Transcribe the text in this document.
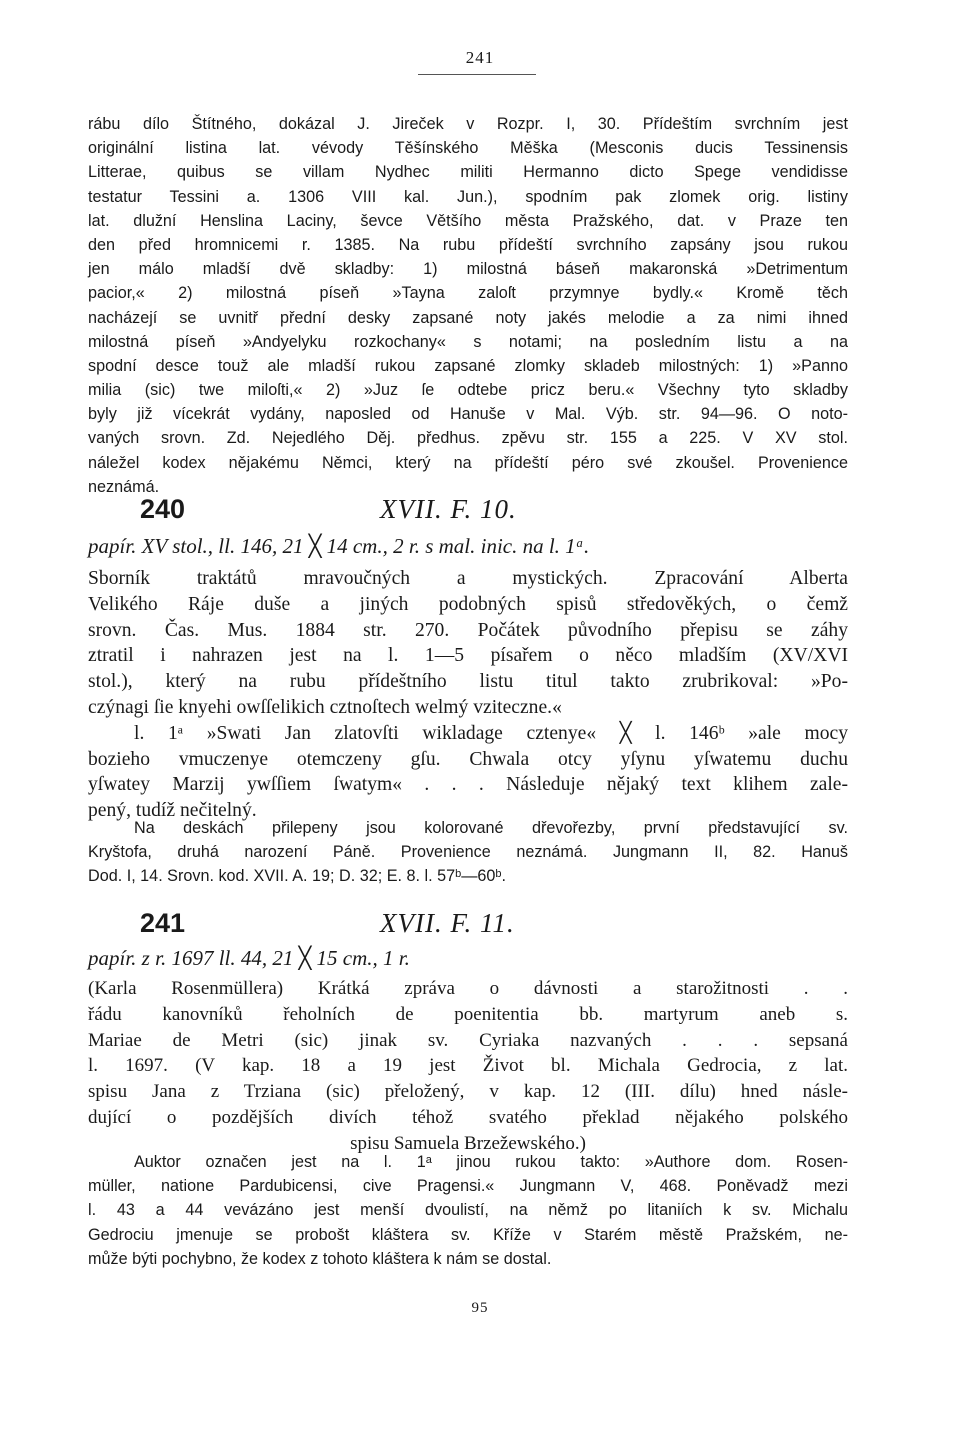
241
rábu dílo Štítného, dokázal J. Jireček v Rozpr. I, 30. Přídeštím svrchním jest
originální listina lat. vévody Těšínského Měška (Mesconis ducis Tessinensis
Litterae, quibus se villam Nydhec militi Hermanno dicto Spege vendidisse
testatur Tessini a. 1306 VIII kal. Jun.), spodním pak zlomek orig. listiny
lat. dlužní Henslina Laciny, ševce Většího města Pražského, dat. v Praze ten
den před hromnicemi r. 1385. Na rubu přídeští svrchního zapsány jsou rukou
jen málo mladší dvě skladby: 1) milostná báseň makaronská »Detrimentum
pacior,« 2) milostná píseň »Tayna zaloſt przymnye bydly.« Kromě těch
nacházejí se uvnitř přední desky zapsané noty jakés melodie a za nimi ihned
milostná píseň »Andyelyku rozkochany« s notami; na posledním listu a na
spodní desce touž ale mladší rukou zapsané zlomky skladeb milostných: 1) »Panno
milia (sic) twe miloſti,« 2) »Juz ſe odtebe pricz beru.« Všechny tyto skladby
byly již vícekrát vydány, naposled od Hanuše v Mal. Výb. str. 94—96. O noto-
vaných srovn. Zd. Nejedlého Děj. předhus. zpěvu str. 155 a 225. V XV stol.
náležel kodex nějakému Němci, který na přídeští péro své zkoušel. Provenience
neznámá.
240	XVII. F. 10.
papír. XV stol., ll. 146, 21 ╳ 14 cm., 2 r. s mal. inic. na l. 1ᵃ.
Sborník traktátů mravoučných a mystických. Zpracování Alberta
Velikého Ráje duše a jiných podobných spisů středověkých, o čemž
srovn. Čas. Mus. 1884 str. 270. Počátek původního přepisu se záhy
ztratil i nahrazen jest na l. 1—5 písařem o něco mladším (XV/XVI
stol.), který na rubu přídeštního listu titul takto zrubrikoval: »Po-
czýnagi ſie knyehi owſſelikich cztnoſtech welmý vzitеczne.«
l. 1ᵃ »Swati Jan zlatovſti wikladage cztenye« ╳ l. 146ᵇ »ale mocy
bozieho vmuczenye otemczeny gſu. Chwala otcy yſynu yſwatemu duchu
yſwatey Marzij ywſſiem ſwatym« . . . Následuje nějaký text klihem zale-
pený, tudíž nečitelný.
Na deskách přilepeny jsou kolorované dřevořezby, první představující sv.
Kryštofa, druhá narození Páně. Provenience neznámá. Jungmann II, 82. Hanuš
Dod. I, 14. Srovn. kod. XVII. A. 19; D. 32; E. 8. l. 57ᵇ—60ᵇ.
241	XVII. F. 11.
papír. z r. 1697 ll. 44, 21 ╳ 15 cm., 1 r.
(Karla Rosenmüllera) Krátká zpráva o dávnosti a starožitnosti . .
řádu kanovníků řeholních de poenitentia bb. martyrum aneb s.
Mariae de Metri (sic) jinak sv. Cyriaka nazvaných . . . sepsaná
l. 1697. (V kap. 18 a 19 jest Život bl. Michala Gedrocia, z lat.
spisu Jana z Trziana (sic) přeložený, v kap. 12 (III. dílu) hned násle-
dující o pozdějších divích téhož svatého překlad nějakého polského
spisu Samuela Brzežewského.)
Auktor označen jest na l. 1ᵃ jinou rukou takto: »Authore dom. Rosen-
müller, natione Pardubicensi, cive Pragensi.« Jungmann V, 468. Poněvadž mezi
l. 43 a 44 vevázáno jest menší dvoulistí, na němž po litaniích k sv. Michalu
Gedrociu jmenuje se probošt kláštera sv. Kříže v Starém městě Pražském, ne-
může býti pochybno, že kodex z tohoto kláštera k nám se dostal.
95
